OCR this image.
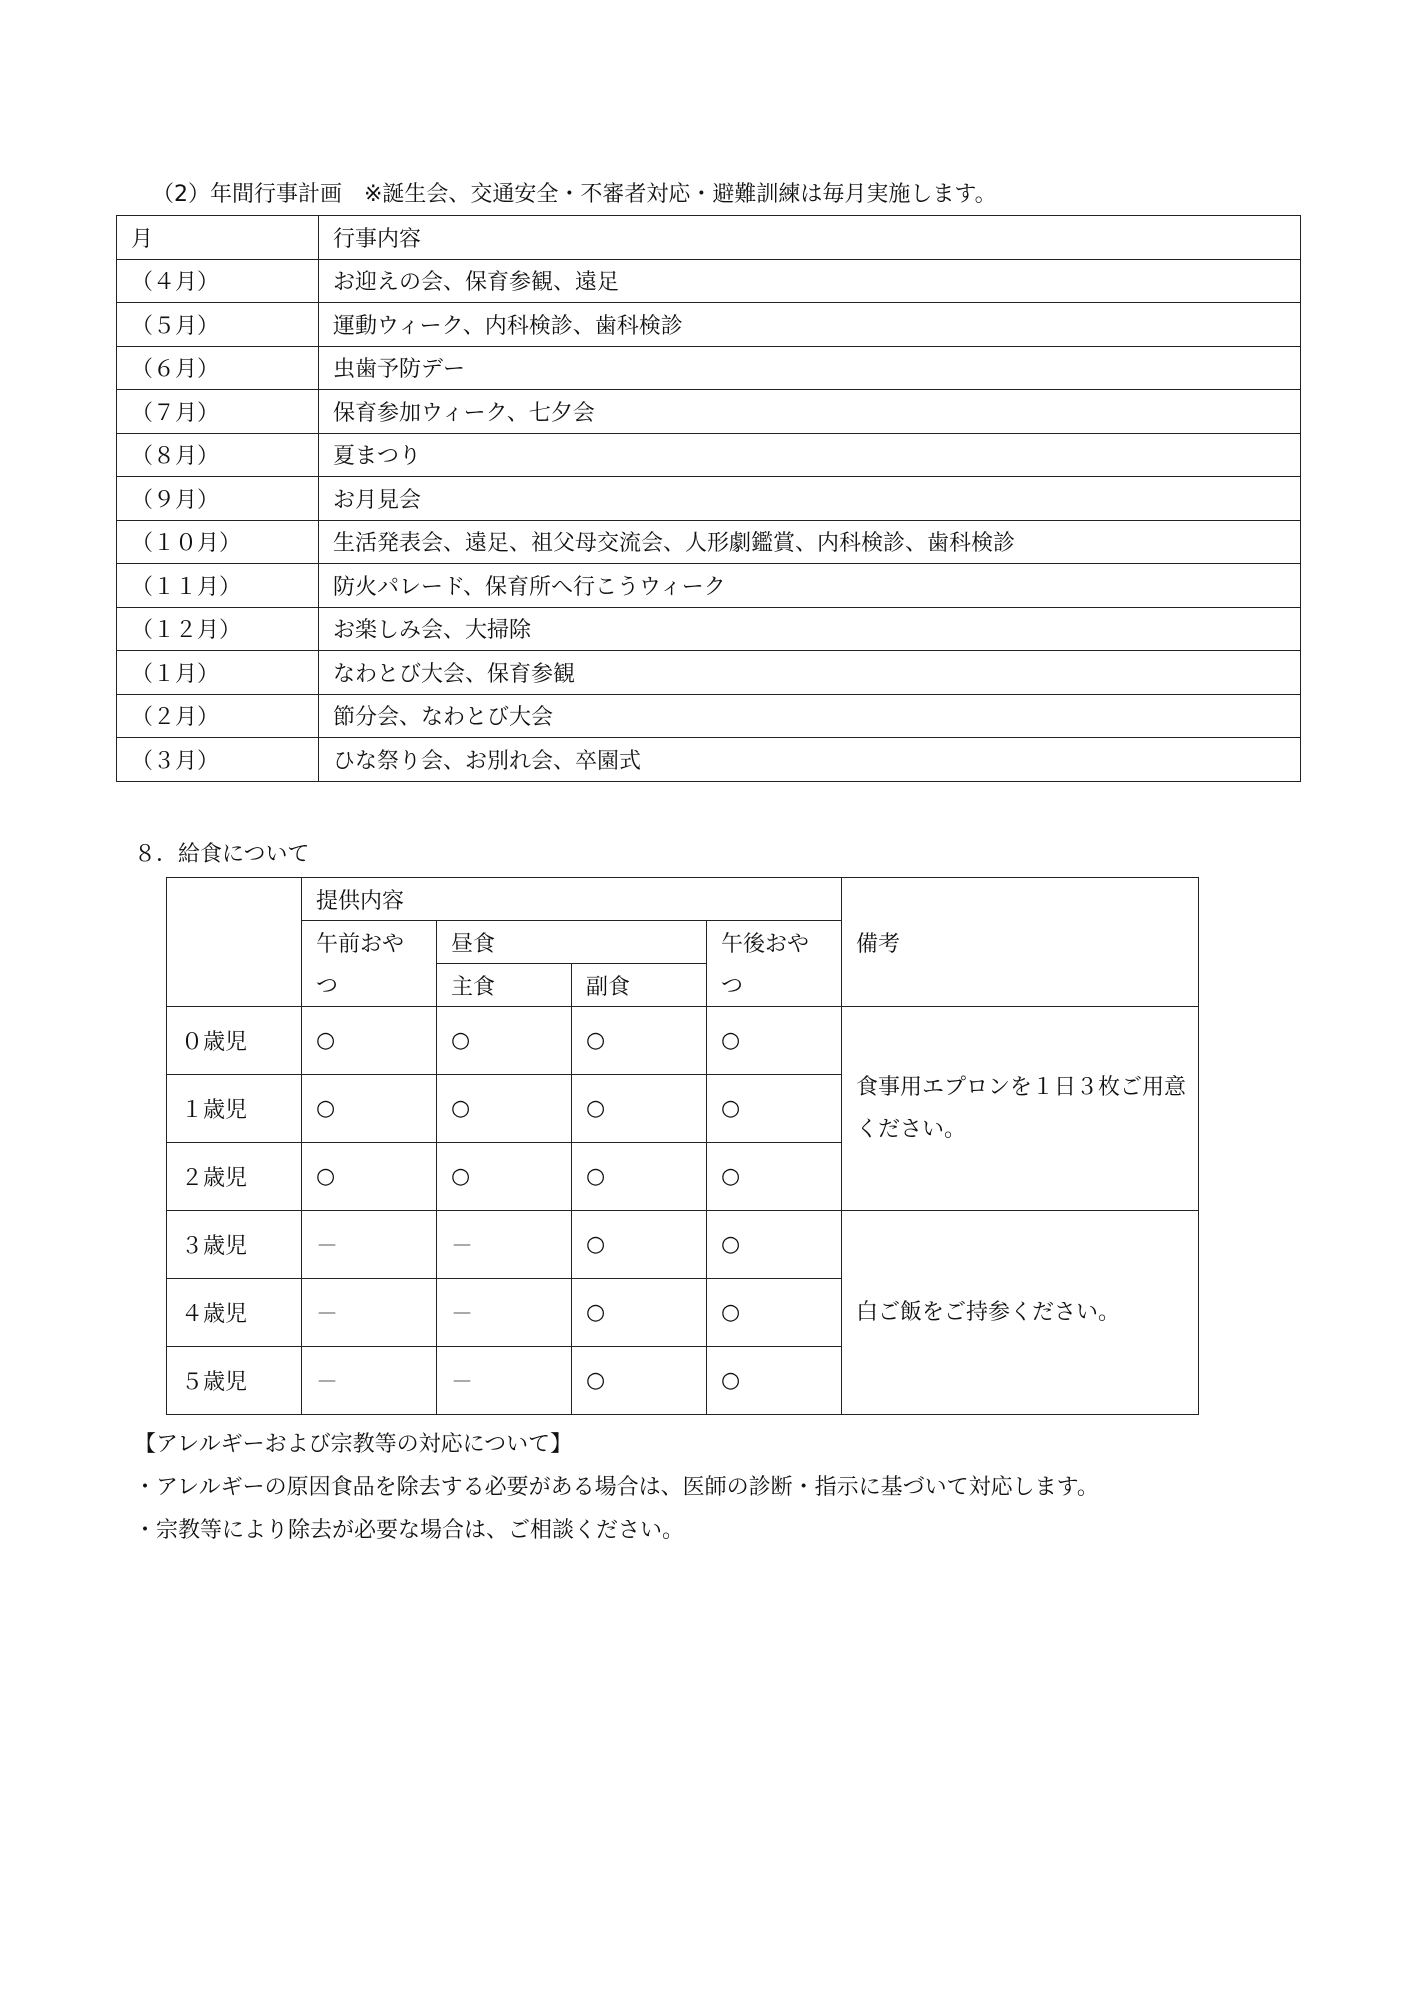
（2）年間行事計画　※誕生会、交通安全・不審者対応・避難訓練は毎月実施します。
月	行事内容
（４月）	お迎えの会、保育参観、遠足
（５月）	運動ウィーク、内科検診、歯科検診
（６月）	虫歯予防デー
（７月）	保育参加ウィーク、七夕会
（８月）	夏まつり
（９月）	お月見会
（１０月）	生活発表会、遠足、祖父母交流会、人形劇鑑賞、内科検診、歯科検診
（１１月）	防火パレード、保育所へ行こうウィーク
（１２月）	お楽しみ会、大掃除
（１月）	なわとび大会、保育参観
（２月）	節分会、なわとび大会
（３月）	ひな祭り会、お別れ会、卒園式
８．給食について
	提供内容				備考
	午前おや	昼食		午後おや	
	つ	主食	副食	つ	
０歳児	○	○	○	○	食事用エプロンを１日３枚ご用意ください。
１歳児	○	○	○	○	
２歳児	○	○	○	○	
３歳児	－	－	○	○	白ご飯をご持参ください。
４歳児	－	－	○	○	
５歳児	－	－	○	○	
【アレルギーおよび宗教等の対応について】
・アレルギーの原因食品を除去する必要がある場合は、医師の診断・指示に基づいて対応します。
・宗教等により除去が必要な場合は、ご相談ください。
